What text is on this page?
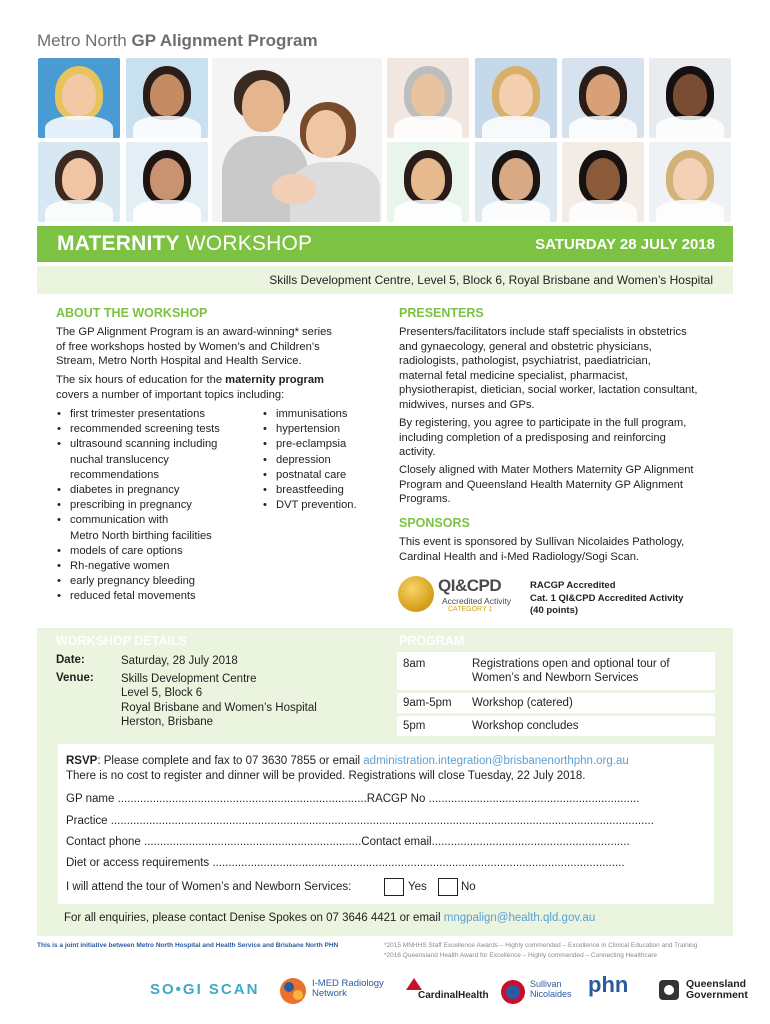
Metro North GP Alignment Program
MATERNITY WORKSHOP	SATURDAY 28 JULY 2018
Skills Development Centre, Level 5, Block 6, Royal Brisbane and Women’s Hospital
ABOUT THE WORKSHOP
The GP Alignment Program is an award-winning* series
of free workshops hosted by Women’s and Children’s
Stream, Metro North Hospital and Health Service.
The six hours of education for the maternity program
covers a number of important topics including:
• first trimester presentations
• recommended screening tests
• ultrasound scanning including
nuchal translucency
recommendations
• diabetes in pregnancy
• prescribing in pregnancy
• communication with
Metro North birthing facilities
• models of care options
• Rh-negative women
• early pregnancy bleeding
• reduced fetal movements
• immunisations
• hypertension
• pre-eclampsia
• depression
• postnatal care
• breastfeeding
• DVT prevention.
PRESENTERS
Presenters/facilitators include staff specialists in obstetrics
and gynaecology, general and obstetric physicians,
radiologists, pathologist, psychiatrist, paediatrician,
maternal fetal medicine specialist, pharmacist,
physiotherapist, dietician, social worker, lactation consultant,
midwives, nurses and GPs.
By registering, you agree to participate in the full program,
including completion of a predisposing and reinforcing
activity.
Closely aligned with Mater Mothers Maternity GP Alignment
Program and Queensland Health Maternity GP Alignment
Programs.
SPONSORS
This event is sponsored by Sullivan Nicolaides Pathology,
Cardinal Health and i-Med Radiology/Sogi Scan.
QI&CPD
Accredited Activity
CATEGORY 1
RACGP Accredited
Cat. 1 QI&CPD Accredited Activity
(40 points)
WORKSHOP DETAILS
Date:	Saturday, 28 July 2018
Venue: Skills Development Centre
Level 5, Block 6
Royal Brisbane and Women’s Hospital
Herston, Brisbane
PROGRAM
8am	Registrations open and optional tour of
Women’s and Newborn Services
9am-5pm Workshop (catered)
5pm	Workshop concludes
RSVP: Please complete and fax to 07 3630 7855 or email administration.integration@brisbanenorthphn.org.au
There is no cost to register and dinner will be provided. Registrations will close Tuesday, 22 July 2018.
GP name ..............................................................................RACGP No ..................................................................
Practice ..........................................................................................................................................................................
Contact phone ....................................................................Contact email..............................................................
Diet or access requirements .................................................................................................................................
I will attend the tour of Women’s and Newborn Services:	Yes	No
For all enquiries, please contact Denise Spokes on 07 3646 4421 or email mngpalign@health.qld.gov.au
This is a joint initiative between Metro North Hospital and Health Service and Brisbane North PHN	*2015 MNHHS Staff Excellence Awards – Highly commended – Excellence in Clinical Education and Training
*2016 Queensland Health Award for Excellence – Highly commended – Connecting Healthcare
SO•GI SCAN	I-MED Radiology
Network	CardinalHealth
Sullivan
Nicolaides phn	Queensland
Government
